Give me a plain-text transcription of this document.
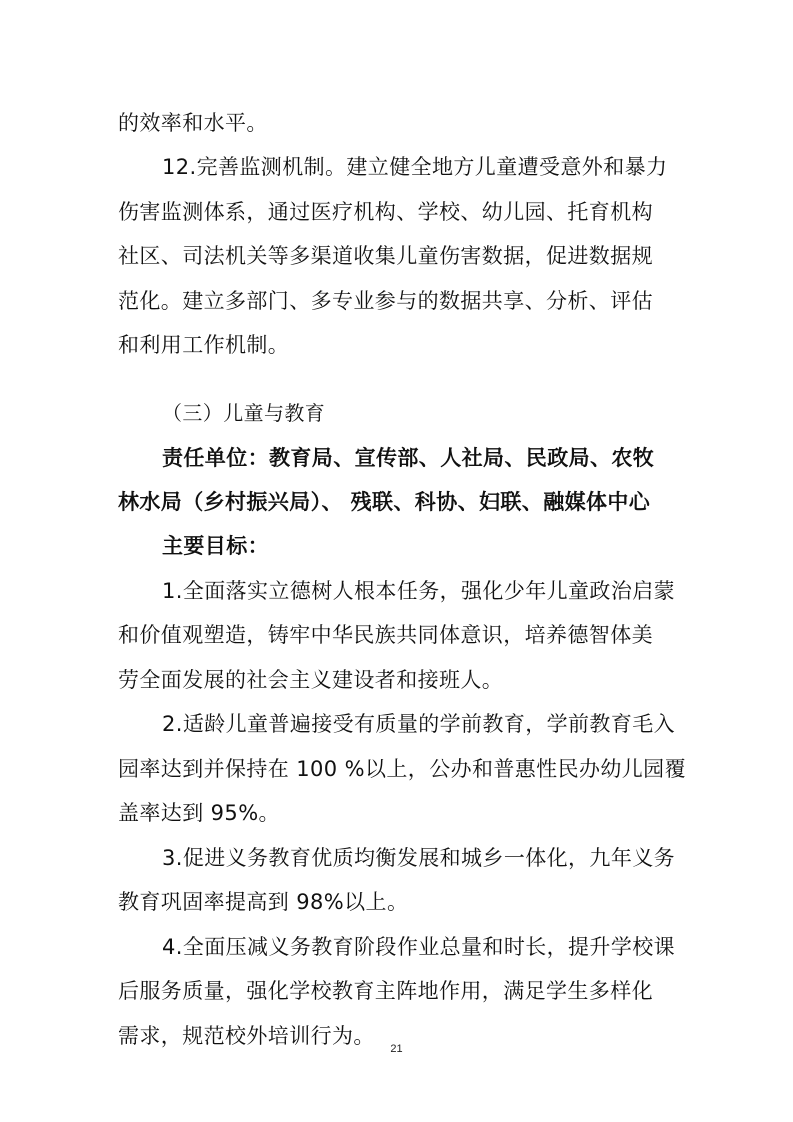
的效率和水平。
12.完善监测机制。建立健全地方儿童遭受意外和暴力
伤害监测体系，通过医疗机构、学校、幼儿园、托育机构
社区、司法机关等多渠道收集儿童伤害数据，促进数据规
范化。建立多部门、多专业参与的数据共享、分析、评估
和利用工作机制。
（三）儿童与教育
责任单位：教育局、宣传部、人社局、民政局、农牧
林水局（乡村振兴局）、 残联、科协、妇联、融媒体中心
主要目标：
1.全面落实立德树人根本任务，强化少年儿童政治启蒙
和价值观塑造，铸牢中华民族共同体意识，培养德智体美
劳全面发展的社会主义建设者和接班人。
2.适龄儿童普遍接受有质量的学前教育，学前教育毛入
园率达到并保持在 100 %以上，公办和普惠性民办幼儿园覆
盖率达到 95%。
3.促进义务教育优质均衡发展和城乡一体化，九年义务
教育巩固率提高到 98%以上。
4.全面压减义务教育阶段作业总量和时长，提升学校课
后服务质量，强化学校教育主阵地作用，满足学生多样化
需求，规范校外培训行为。
21
